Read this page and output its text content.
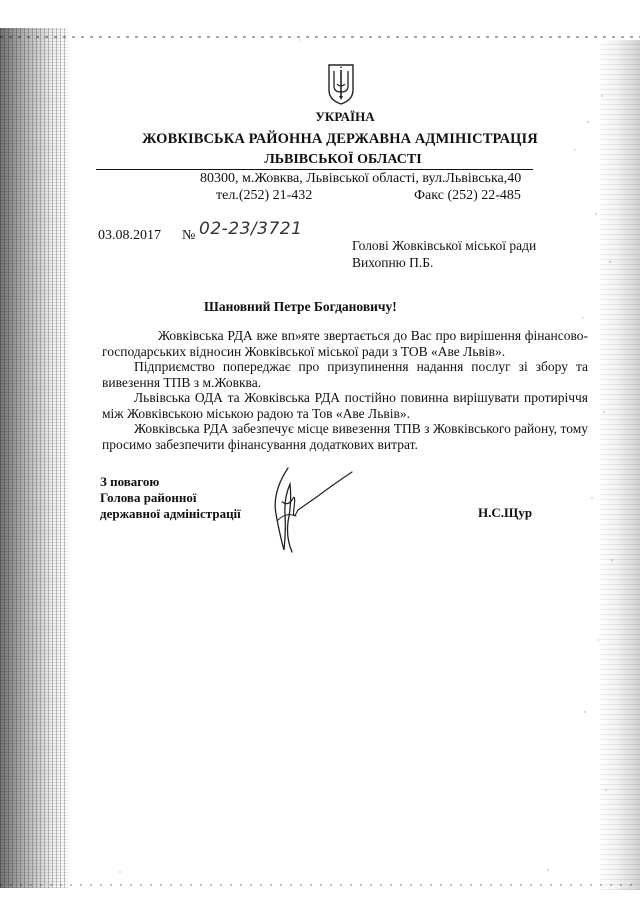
УКРАЇНА
ЖОВКІВСЬКА РАЙОННА ДЕРЖАВНА АДМІНІСТРАЦІЯ
ЛЬВІВСЬКОЇ ОБЛАСТІ
80300, м.Жовква, Львівської області, вул.Львівська,40
тел.(252) 21-432	Факс (252) 22-485
03.08.2017 № 02-23/3721
Голові Жовківської міської ради
Вихопню П.Б.
Шановний Петре Богдановичу!

Жовківська РДА вже вп»яте звертається до Вас про вирішення фінансово-господарських відносин Жовківської міської ради з ТОВ «Аве Львів».

Підприємство попереджає про призупинення надання послуг зі збору та вивезення ТПВ з м.Жовква.

Львівська ОДА та Жовківська РДА постійно повинна вирішувати протиріччя між Жовківською міською радою та Тов «Аве Львів».

Жовківська РДА забезпечує місце вивезення ТПВ з Жовківського району, тому просимо забезпечити фінансування додаткових витрат.

З повагою
Голова районної
державної адміністрації	Н.С.Щур
